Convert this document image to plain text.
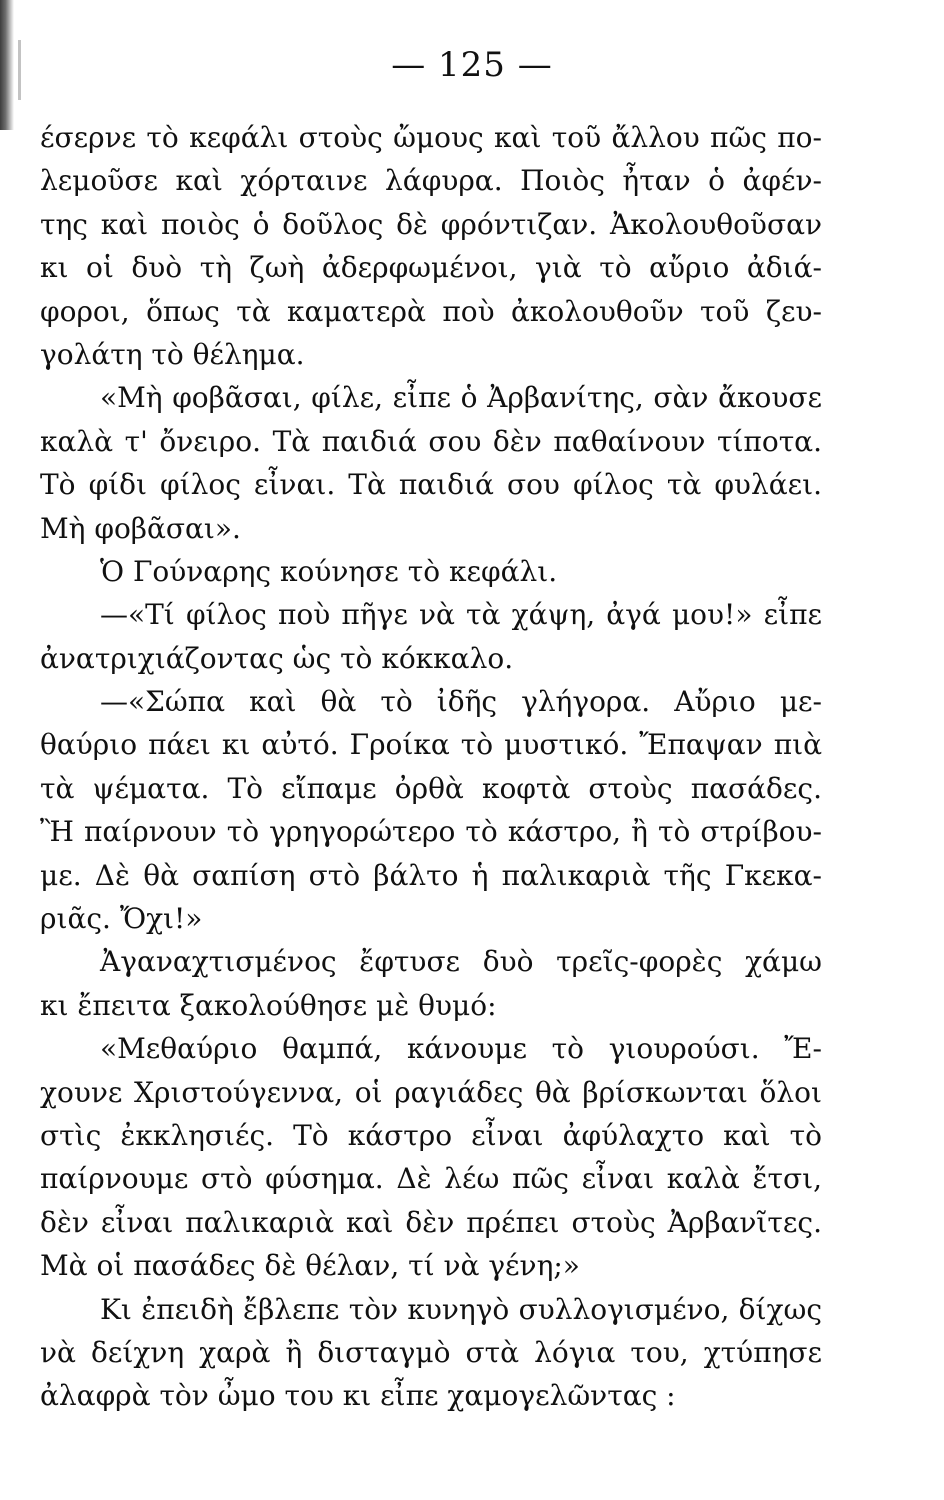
— 125 —
έσερνε τὸ κεφάλι στοὺς ὤμους καὶ τοῦ ἄλλου πῶς πο-
λεμοῦσε καὶ χόρταινε λάφυρα. Ποιὸς ἦταν ὁ ἀφέν-
της καὶ ποιὸς ὁ δοῦλος δὲ φρόντιζαν. Ἀκολουθοῦσαν
κι οἱ δυὸ τὴ ζωὴ ἀδερφωμένοι, γιὰ τὸ αὔριο ἀδιά-
φοροι, ὅπως τὰ καματερὰ ποὺ ἀκολουθοῦν τοῦ ζευ-
γολάτη τὸ θέλημα.
«Μὴ φοβᾶσαι, φίλε, εἶπε ὁ Ἀρβανίτης, σὰν ἄκουσε
καλὰ τ' ὄνειρο. Τὰ παιδιά σου δὲν παθαίνουν τίποτα.
Τὸ φίδι φίλος εἶναι. Τὰ παιδιά σου φίλος τὰ φυλάει.
Μὴ φοβᾶσαι».
Ὁ Γούναρης κούνησε τὸ κεφάλι.
—«Τί φίλος ποὺ πῆγε νὰ τὰ χάψη, ἀγά μου!» εἶπε
ἀνατριχιάζοντας ὡς τὸ κόκκαλο.
—«Σώπα καὶ θὰ τὸ ἰδῆς γλήγορα. Αὔριο με-
θαύριο πάει κι αὐτό. Γροίκα τὸ μυστικό. Ἔπαψαν πιὰ
τὰ ψέματα. Τὸ εἴπαμε ὀρθὰ κοφτὰ στοὺς πασάδες.
Ἢ παίρνουν τὸ γρηγορώτερο τὸ κάστρο, ἢ τὸ στρίβου-
με. Δὲ θὰ σαπίση στὸ βάλτο ἡ παλικαριὰ τῆς Γκεκα-
ριᾶς. Ὄχι!»
Ἀγαναχτισμένος ἔφτυσε δυὸ τρεῖς-φορὲς χάμω
κι ἔπειτα ξακολούθησε μὲ θυμό:
«Μεθαύριο θαμπά, κάνουμε τὸ γιουρούσι. Ἔ-
χουνε Χριστούγεννα, οἱ ραγιάδες θὰ βρίσκωνται ὅλοι
στὶς ἐκκλησιές. Τὸ κάστρο εἶναι ἀφύλαχτο καὶ τὸ
παίρνουμε στὸ φύσημα. Δὲ λέω πῶς εἶναι καλὰ ἔτσι,
δὲν εἶναι παλικαριὰ καὶ δὲν πρέπει στοὺς Ἀρβανῖτες.
Μὰ οἱ πασάδες δὲ θέλαν, τί νὰ γένη;»
Κι ἐπειδὴ ἔβλεπε τὸν κυνηγὸ συλλογισμένο, δίχως
νὰ δείχνη χαρὰ ἢ δισταγμὸ στὰ λόγια του, χτύπησε
ἀλαφρὰ τὸν ὦμο του κι εἶπε χαμογελῶντας :
